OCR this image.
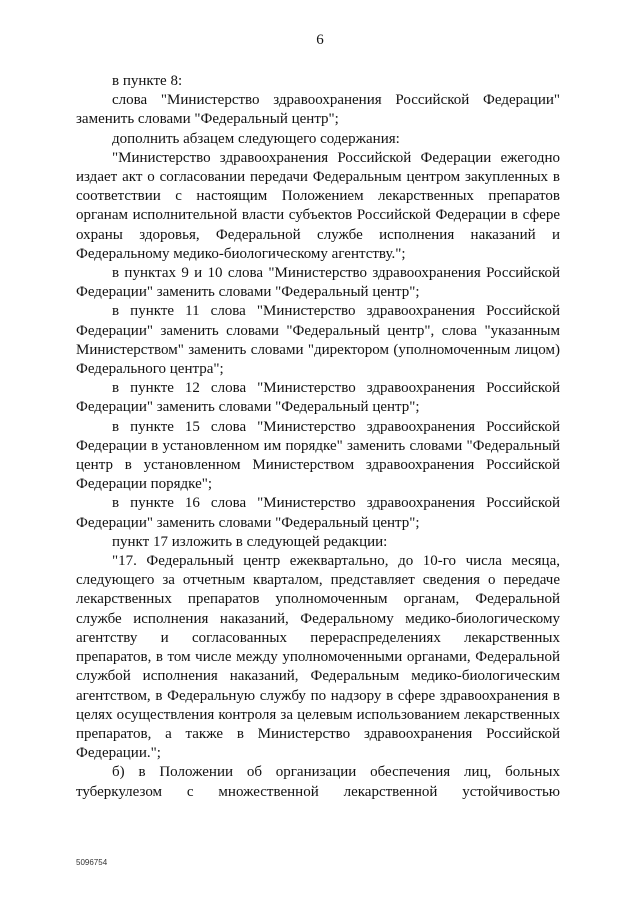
6

в пункте 8:

слова "Министерство здравоохранения Российской Федерации" заменить словами "Федеральный центр";

дополнить абзацем следующего содержания:

"Министерство здравоохранения Российской Федерации ежегодно издает акт о согласовании передачи Федеральным центром закупленных в соответствии с настоящим Положением лекарственных препаратов органам исполнительной власти субъектов Российской Федерации в сфере охраны здоровья, Федеральной службе исполнения наказаний и Федеральному медико-биологическому агентству.";

в пунктах 9 и 10 слова "Министерство здравоохранения Российской Федерации" заменить словами "Федеральный центр";

в пункте 11 слова "Министерство здравоохранения Российской Федерации" заменить словами "Федеральный центр", слова "указанным Министерством" заменить словами "директором (уполномоченным лицом) Федерального центра";

в пункте 12 слова "Министерство здравоохранения Российской Федерации" заменить словами "Федеральный центр";

в пункте 15 слова "Министерство здравоохранения Российской Федерации в установленном им порядке" заменить словами "Федеральный центр в установленном Министерством здравоохранения Российской Федерации порядке";

в пункте 16 слова "Министерство здравоохранения Российской Федерации" заменить словами "Федеральный центр";

пункт 17 изложить в следующей редакции:

"17. Федеральный центр ежеквартально, до 10-го числа месяца, следующего за отчетным кварталом, представляет сведения о передаче лекарственных препаратов уполномоченным органам, Федеральной службе исполнения наказаний, Федеральному медико-биологическому агентству и согласованных перераспределениях лекарственных препаратов, в том числе между уполномоченными органами, Федеральной службой исполнения наказаний, Федеральным медико-биологическим агентством, в Федеральную службу по надзору в сфере здравоохранения в целях осуществления контроля за целевым использованием лекарственных препаратов, а также в Министерство здравоохранения Российской Федерации.";

б) в Положении об организации обеспечения лиц, больных туберкулезом с множественной лекарственной устойчивостью

5096754
